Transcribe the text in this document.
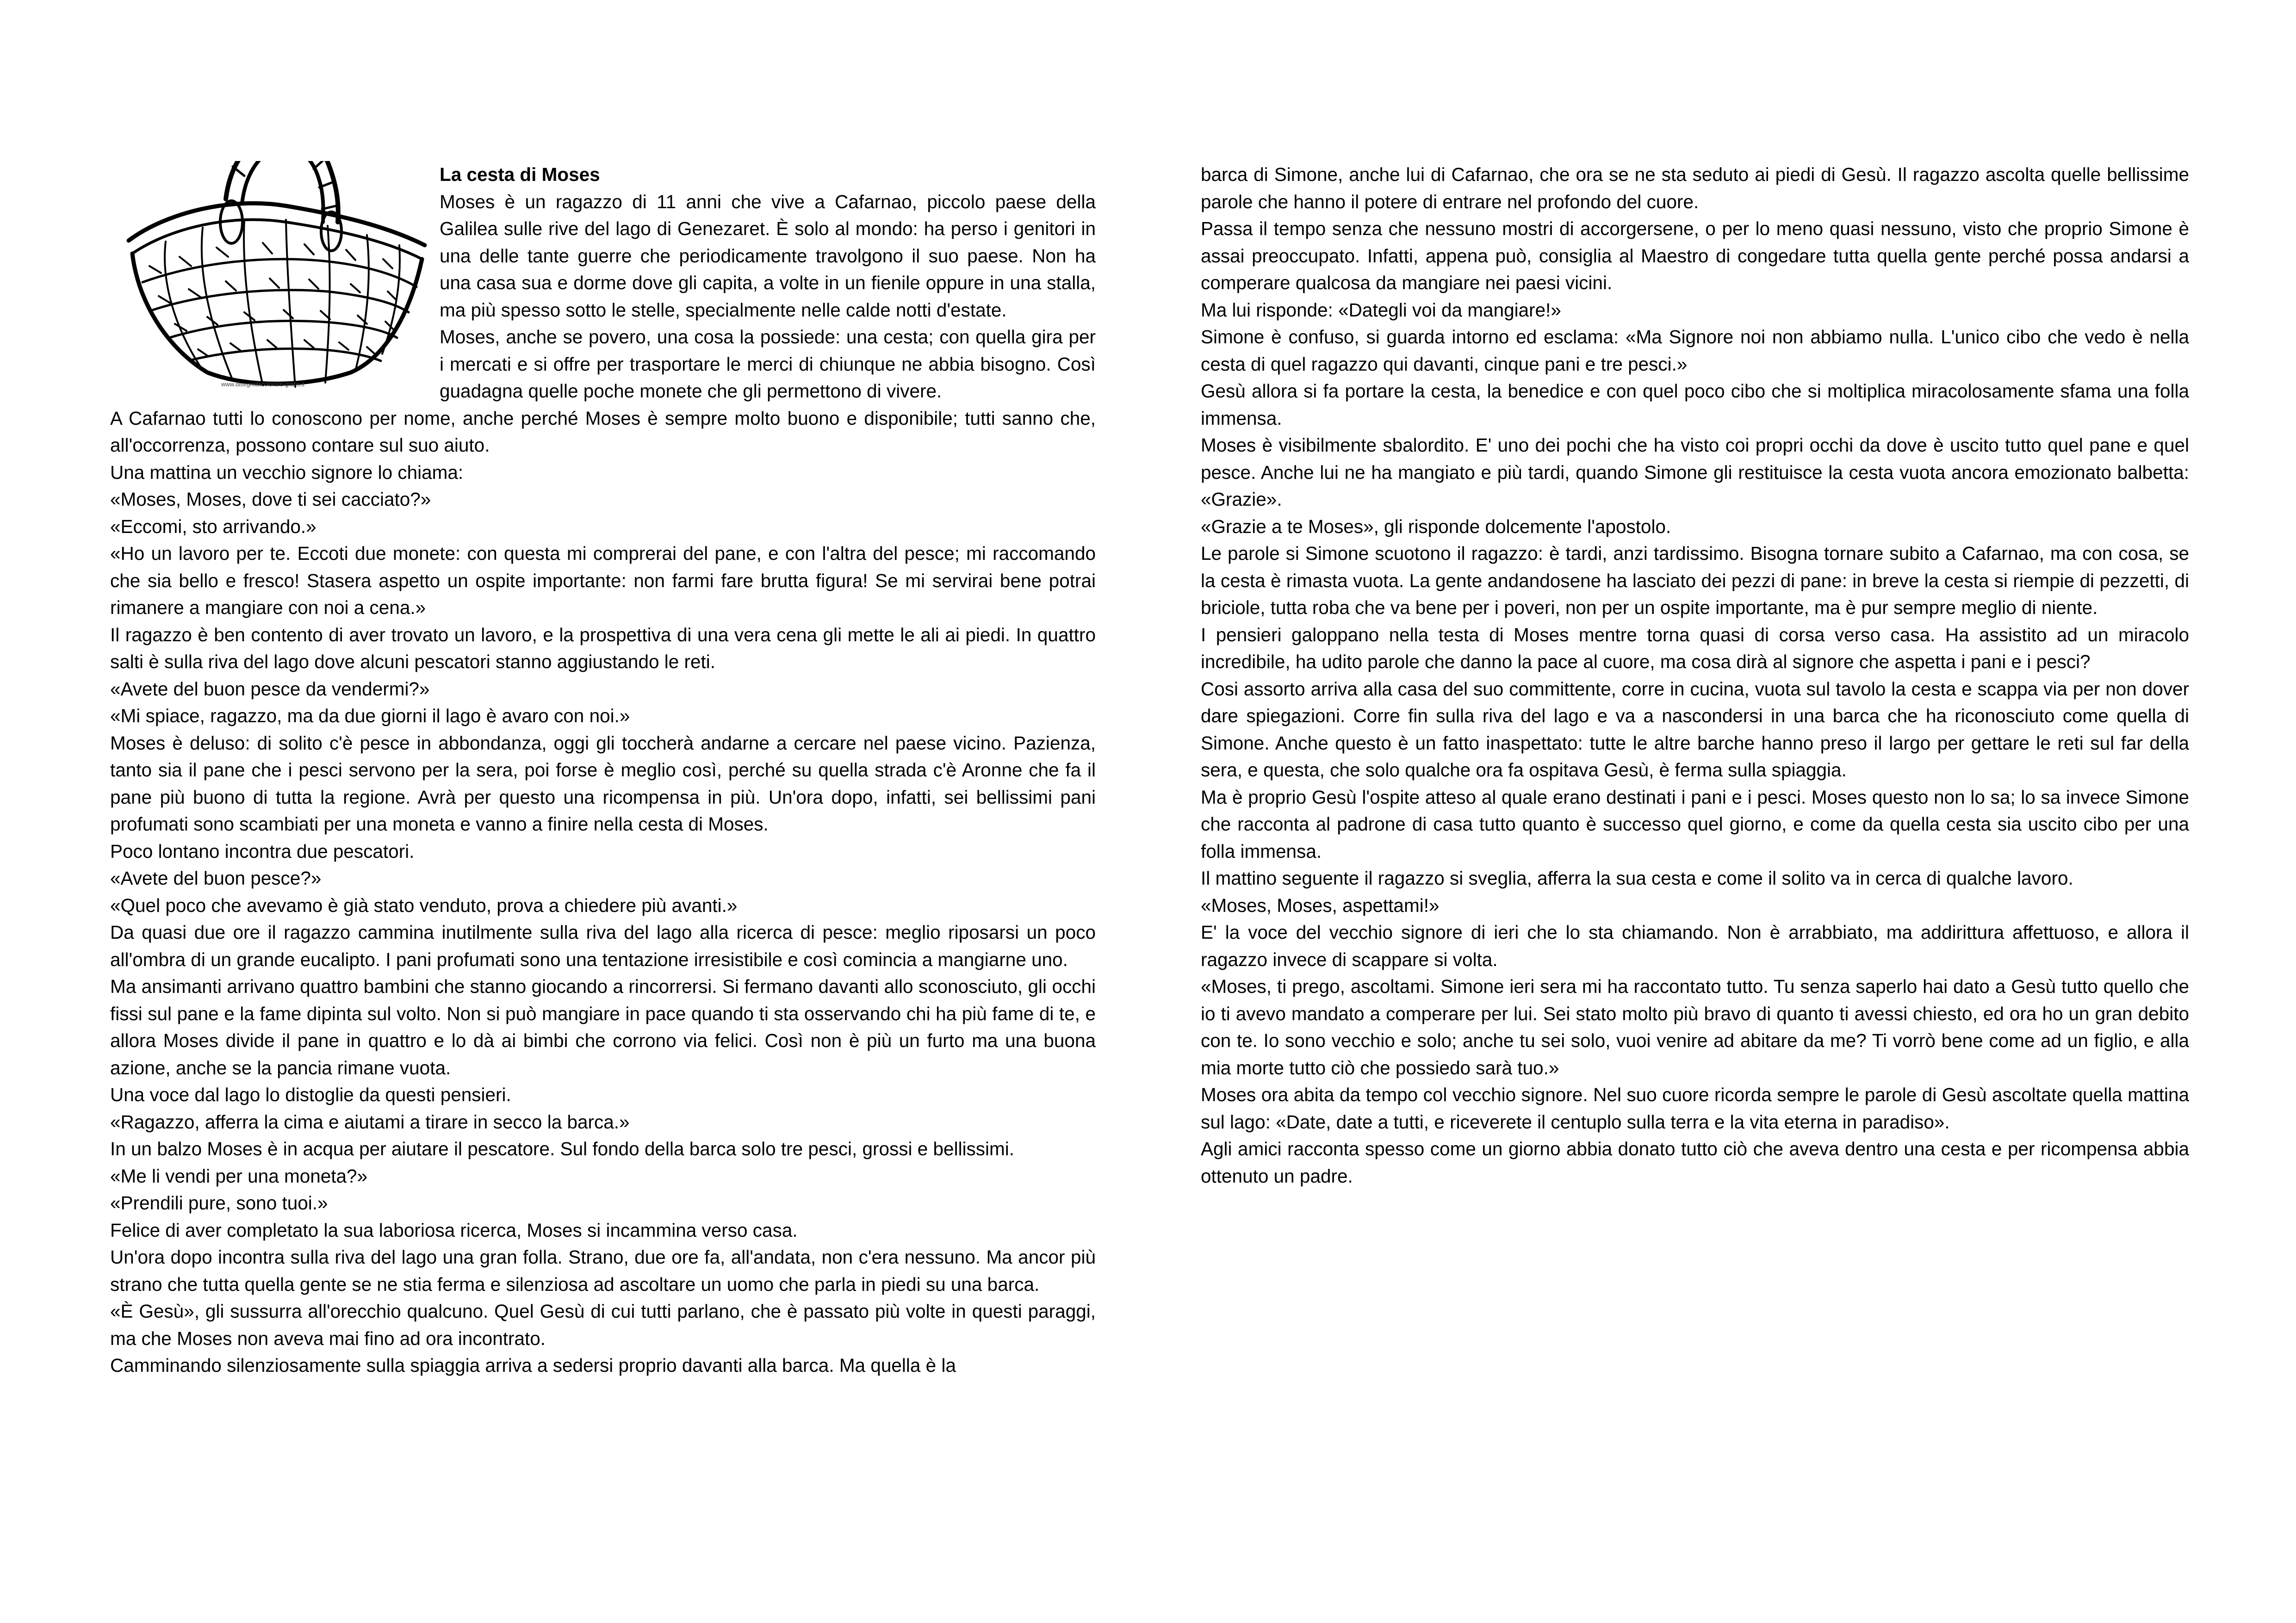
www.disegnidacolorare-gratis.it

La cesta di Moses

Moses è un ragazzo di 11 anni che vive a Cafarnao, piccolo paese della Galilea sulle rive del lago di Genezaret. È solo al mondo: ha perso i genitori in una delle tante guerre che periodicamente travolgono il suo paese. Non ha una casa sua e dorme dove gli capita, a volte in un fienile oppure in una stalla, ma più spesso sotto le stelle, specialmente nelle calde notti d'estate.

Moses, anche se povero, una cosa la possiede: una cesta; con quella gira per i mercati e si offre per trasportare le merci di chiunque ne abbia bisogno. Così guadagna quelle poche monete che gli permettono di vivere.

A Cafarnao tutti lo conoscono per nome, anche perché Moses è sempre molto buono e disponibile; tutti sanno che, all'occorrenza, possono contare sul suo aiuto.

Una mattina un vecchio signore lo chiama:

«Moses, Moses, dove ti sei cacciato?»

«Eccomi, sto arrivando.»

«Ho un lavoro per te. Eccoti due monete: con questa mi comprerai del pane, e con l'altra del pesce; mi raccomando che sia bello e fresco! Stasera aspetto un ospite importante: non farmi fare brutta figura! Se mi servirai bene potrai rimanere a mangiare con noi a cena.»

Il ragazzo è ben contento di aver trovato un lavoro, e la prospettiva di una vera cena gli mette le ali ai piedi. In quattro salti è sulla riva del lago dove alcuni pescatori stanno aggiustando le reti.

«Avete del buon pesce da vendermi?»

«Mi spiace, ragazzo, ma da due giorni il lago è avaro con noi.»

Moses è deluso: di solito c'è pesce in abbondanza, oggi gli toccherà andarne a cercare nel paese vicino. Pazienza, tanto sia il pane che i pesci servono per la sera, poi forse è meglio così, perché su quella strada c'è Aronne che fa il pane più buono di tutta la regione. Avrà per questo una ricompensa in più. Un'ora dopo, infatti, sei bellissimi pani profumati sono scambiati per una moneta e vanno a finire nella cesta di Moses.

Poco lontano incontra due pescatori.

«Avete del buon pesce?»

«Quel poco che avevamo è già stato venduto, prova a chiedere più avanti.»

Da quasi due ore il ragazzo cammina inutilmente sulla riva del lago alla ricerca di pesce: meglio riposarsi un poco all'ombra di un grande eucalipto. I pani profumati sono una tentazione irresistibile e così comincia a mangiarne uno.

Ma ansimanti arrivano quattro bambini che stanno giocando a rincorrersi. Si fermano davanti allo sconosciuto, gli occhi fissi sul pane e la fame dipinta sul volto. Non si può mangiare in pace quando ti sta osservando chi ha più fame di te, e allora Moses divide il pane in quattro e lo dà ai bimbi che corrono via felici. Così non è più un furto ma una buona azione, anche se la pancia rimane vuota.

Una voce dal lago lo distoglie da questi pensieri.

«Ragazzo, afferra la cima e aiutami a tirare in secco la barca.»

In un balzo Moses è in acqua per aiutare il pescatore. Sul fondo della barca solo tre pesci, grossi e bellissimi.

«Me li vendi per una moneta?»

«Prendili pure, sono tuoi.»

Felice di aver completato la sua laboriosa ricerca, Moses si incammina verso casa.

Un'ora dopo incontra sulla riva del lago una gran folla. Strano, due ore fa, all'andata, non c'era nessuno. Ma ancor più strano che tutta quella gente se ne stia ferma e silenziosa ad ascoltare un uomo che parla in piedi su una barca.

«È Gesù», gli sussurra all'orecchio qualcuno. Quel Gesù di cui tutti parlano, che è passato più volte in questi paraggi, ma che Moses non aveva mai fino ad ora incontrato.

Camminando silenziosamente sulla spiaggia arriva a sedersi proprio davanti alla barca. Ma quella è la

barca di Simone, anche lui di Cafarnao, che ora se ne sta seduto ai piedi di Gesù. Il ragazzo ascolta quelle bellissime parole che hanno il potere di entrare nel profondo del cuore.

Passa il tempo senza che nessuno mostri di accorgersene, o per lo meno quasi nessuno, visto che proprio Simone è assai preoccupato. Infatti, appena può, consiglia al Maestro di congedare tutta quella gente perché possa andarsi a comperare qualcosa da mangiare nei paesi vicini.

Ma lui risponde: «Dategli voi da mangiare!»

Simone è confuso, si guarda intorno ed esclama: «Ma Signore noi non abbiamo nulla. L'unico cibo che vedo è nella cesta di quel ragazzo qui davanti, cinque pani e tre pesci.»

Gesù allora si fa portare la cesta, la benedice e con quel poco cibo che si moltiplica miracolosamente sfama una folla immensa.

Moses è visibilmente sbalordito. E' uno dei pochi che ha visto coi propri occhi da dove è uscito tutto quel pane e quel pesce. Anche lui ne ha mangiato e più tardi, quando Simone gli restituisce la cesta vuota ancora emozionato balbetta: «Grazie».

«Grazie a te Moses», gli risponde dolcemente l'apostolo.

Le parole si Simone scuotono il ragazzo: è tardi, anzi tardissimo. Bisogna tornare subito a Cafarnao, ma con cosa, se la cesta è rimasta vuota. La gente andandosene ha lasciato dei pezzi di pane: in breve la cesta si riempie di pezzetti, di briciole, tutta roba che va bene per i poveri, non per un ospite importante, ma è pur sempre meglio di niente.

I pensieri galoppano nella testa di Moses mentre torna quasi di corsa verso casa. Ha assistito ad un miracolo incredibile, ha udito parole che danno la pace al cuore, ma cosa dirà al signore che aspetta i pani e i pesci?

Cosi assorto arriva alla casa del suo committente, corre in cucina, vuota sul tavolo la cesta e scappa via per non dover dare spiegazioni. Corre fin sulla riva del lago e va a nascondersi in una barca che ha riconosciuto come quella di Simone. Anche questo è un fatto inaspettato: tutte le altre barche hanno preso il largo per gettare le reti sul far della sera, e questa, che solo qualche ora fa ospitava Gesù, è ferma sulla spiaggia.

Ma è proprio Gesù l'ospite atteso al quale erano destinati i pani e i pesci. Moses questo non lo sa; lo sa invece Simone che racconta al padrone di casa tutto quanto è successo quel giorno, e come da quella cesta sia uscito cibo per una folla immensa.

Il mattino seguente il ragazzo si sveglia, afferra la sua cesta e come il solito va in cerca di qualche lavoro.

«Moses, Moses, aspettami!»

E' la voce del vecchio signore di ieri che lo sta chiamando. Non è arrabbiato, ma addirittura affettuoso, e allora il ragazzo invece di scappare si volta.

«Moses, ti prego, ascoltami. Simone ieri sera mi ha raccontato tutto. Tu senza saperlo hai dato a Gesù tutto quello che io ti avevo mandato a comperare per lui. Sei stato molto più bravo di quanto ti avessi chiesto, ed ora ho un gran debito con te. Io sono vecchio e solo; anche tu sei solo, vuoi venire ad abitare da me? Ti vorrò bene come ad un figlio, e alla mia morte tutto ciò che possiedo sarà tuo.»

Moses ora abita da tempo col vecchio signore. Nel suo cuore ricorda sempre le parole di Gesù ascoltate quella mattina sul lago: «Date, date a tutti, e riceverete il centuplo sulla terra e la vita eterna in paradiso».

Agli amici racconta spesso come un giorno abbia donato tutto ciò che aveva dentro una cesta e per ricompensa abbia ottenuto un padre.
